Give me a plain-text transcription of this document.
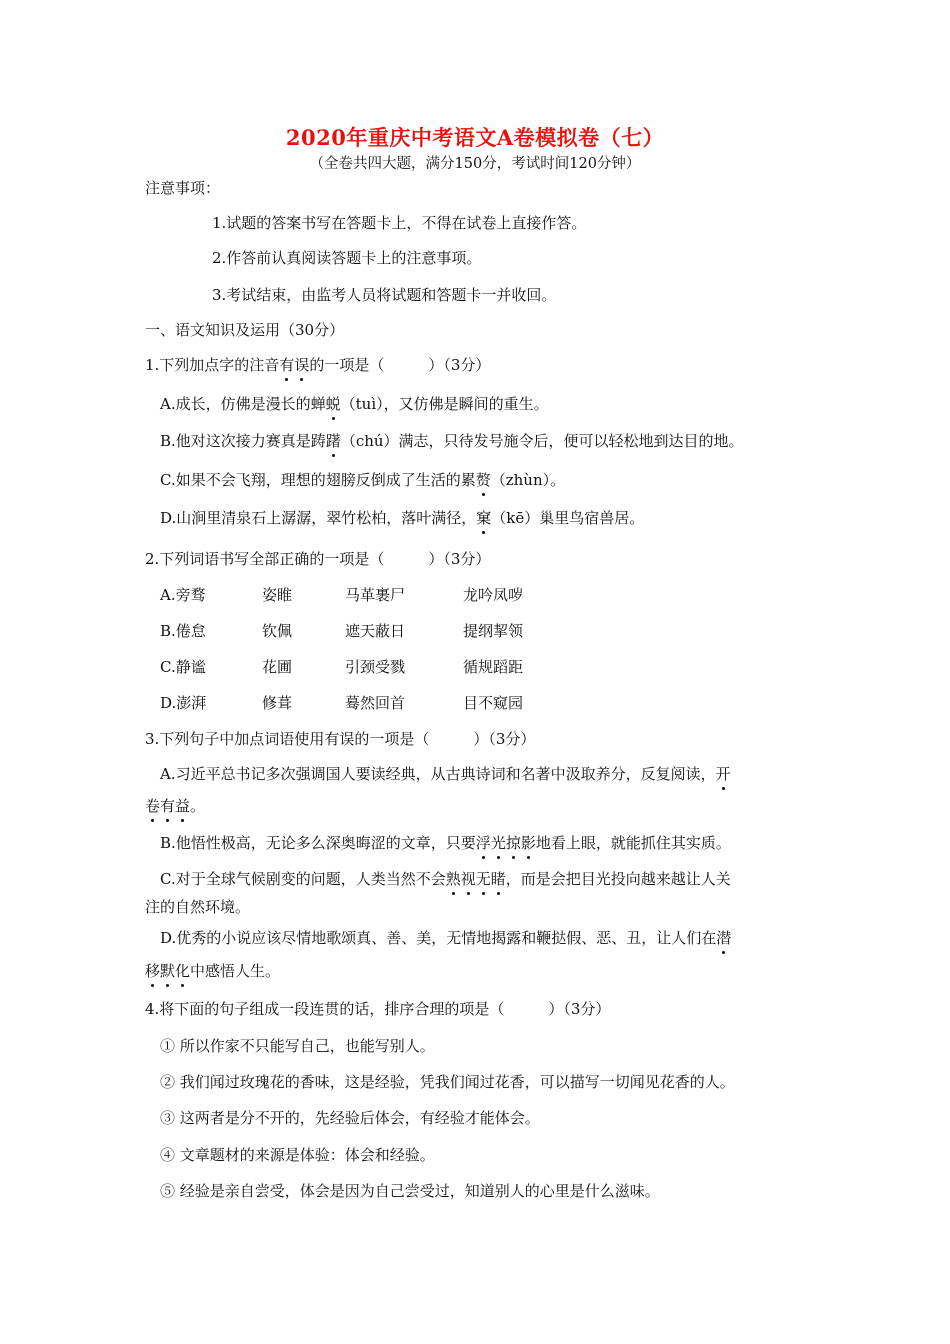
2020年重庆中考语文A卷模拟卷（七）
（全卷共四大题，满分150分，考试时间120分钟）
注意事项：
1.试题的答案书写在答题卡上，不得在试卷上直接作答。
2.作答前认真阅读答题卡上的注意事项。
3.考试结束，由监考人员将试题和答题卡一并收回。
一、语文知识及运用（30分）
1.下列加点字的注音有误的一项是（	）（3分）
A.成长，仿佛是漫长的蝉蜕（tuì），又仿佛是瞬间的重生。
B.他对这次接力赛真是踌躇（chú）满志，只待发号施令后，便可以轻松地到达目的地。
C.如果不会飞翔，理想的翅膀反倒成了生活的累赘（zhùn）。
D.山涧里清泉石上潺潺，翠竹松柏，落叶满径，窠（kē）巢里鸟宿兽居。
2.下列词语书写全部正确的一项是（	）（3分）
A.旁骛	姿睢	马革裹尸	龙吟凤哕
B.倦怠	钦佩	遮天蔽日	提纲挈领
C.静谧	花圃	引颈受戮	循规蹈距
D.澎湃	修葺	蓦然回首	目不窥园
3.下列句子中加点词语使用有误的一项是（	）（3分）
A.习近平总书记多次强调国人要读经典，从古典诗词和名著中汲取养分，反复阅读，开
卷有益。
B.他悟性极高，无论多么深奥晦涩的文章，只要浮光掠影地看上眼，就能抓住其实质。
C.对于全球气候剧变的问题，人类当然不会熟视无睹，而是会把目光投向越来越让人关
注的自然环境。
D.优秀的小说应该尽情地歌颂真、善、美，无情地揭露和鞭挞假、恶、丑，让人们在潜
移默化中感悟人生。
4.将下面的句子组成一段连贯的话，排序合理的项是（	）（3分）
① 所以作家不只能写自己，也能写别人。
② 我们闻过玫瑰花的香味，这是经验，凭我们闻过花香，可以描写一切闻见花香的人。
③ 这两者是分不开的，先经验后体会，有经验才能体会。
④ 文章题材的来源是体验：体会和经验。
⑤ 经验是亲自尝受，体会是因为自己尝受过，知道别人的心里是什么滋味。
